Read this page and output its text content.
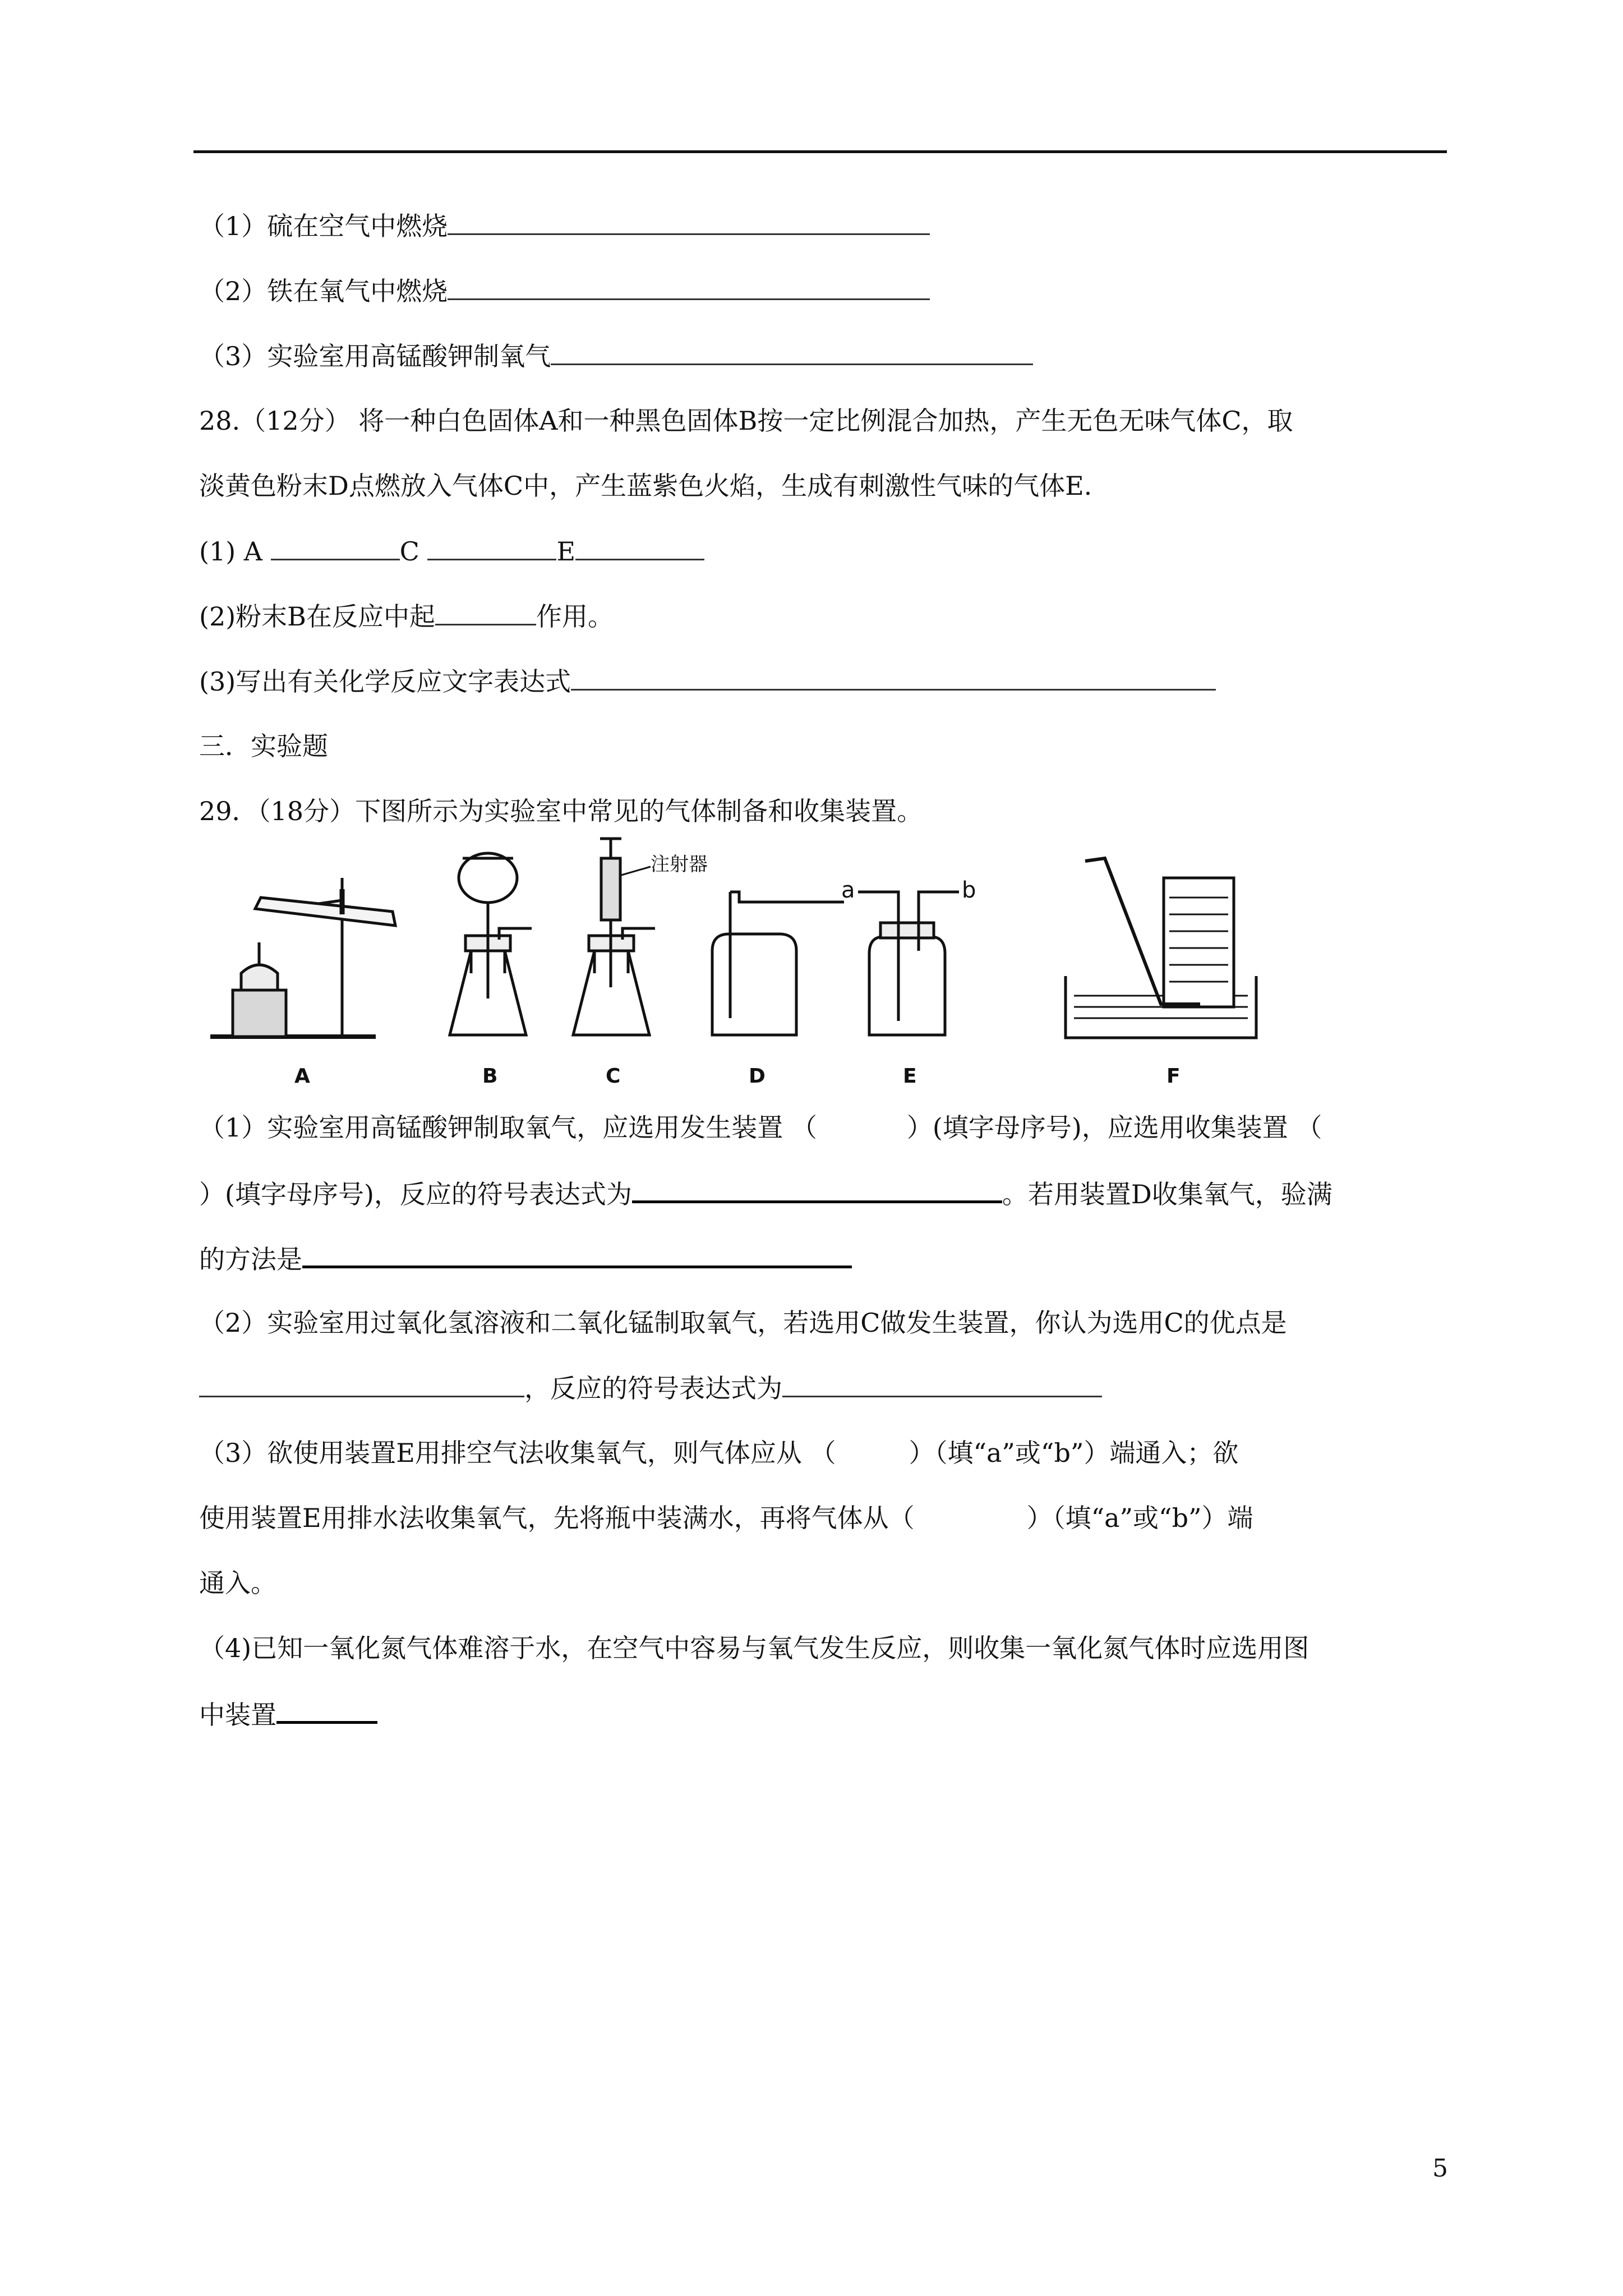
（1）硫在空气中燃烧
（2）铁在氧气中燃烧
（3）实验室用高锰酸钾制氧气
28.（12分） 将一种白色固体A和一种黑色固体B按一定比例混合加热，产生无色无味气体C，取
淡黄色粉末D点燃放入气体C中，产生蓝紫色火焰，生成有刺激性气味的气体E.
(1) A	C	E
(2)粉末B在反应中起	作用。
(3)写出有关化学反应文字表达式
三．实验题
29．（18分）下图所示为实验室中常见的气体制备和收集装置。
注射器
a	b
A	B	C	D	E	F
（1）实验室用高锰酸钾制取氧气，应选用发生装置 （	）(填字母序号)，应选用收集装置 （
）(填字母序号)，反应的符号表达式为	。若用装置D收集氧气，验满
的方法是
（2）实验室用过氧化氢溶液和二氧化锰制取氧气，若选用C做发生装置，你认为选用C的优点是
，反应的符号表达式为
（3）欲使用装置E用排空气法收集氧气，则气体应从 （	）（填“a”或“b”）端通入；欲
使用装置E用排水法收集氧气，先将瓶中装满水，再将气体从（	）（填“a”或“b”）端
通入。
（4)已知一氧化氮气体难溶于水，在空气中容易与氧气发生反应，则收集一氧化氮气体时应选用图
中装置
5
